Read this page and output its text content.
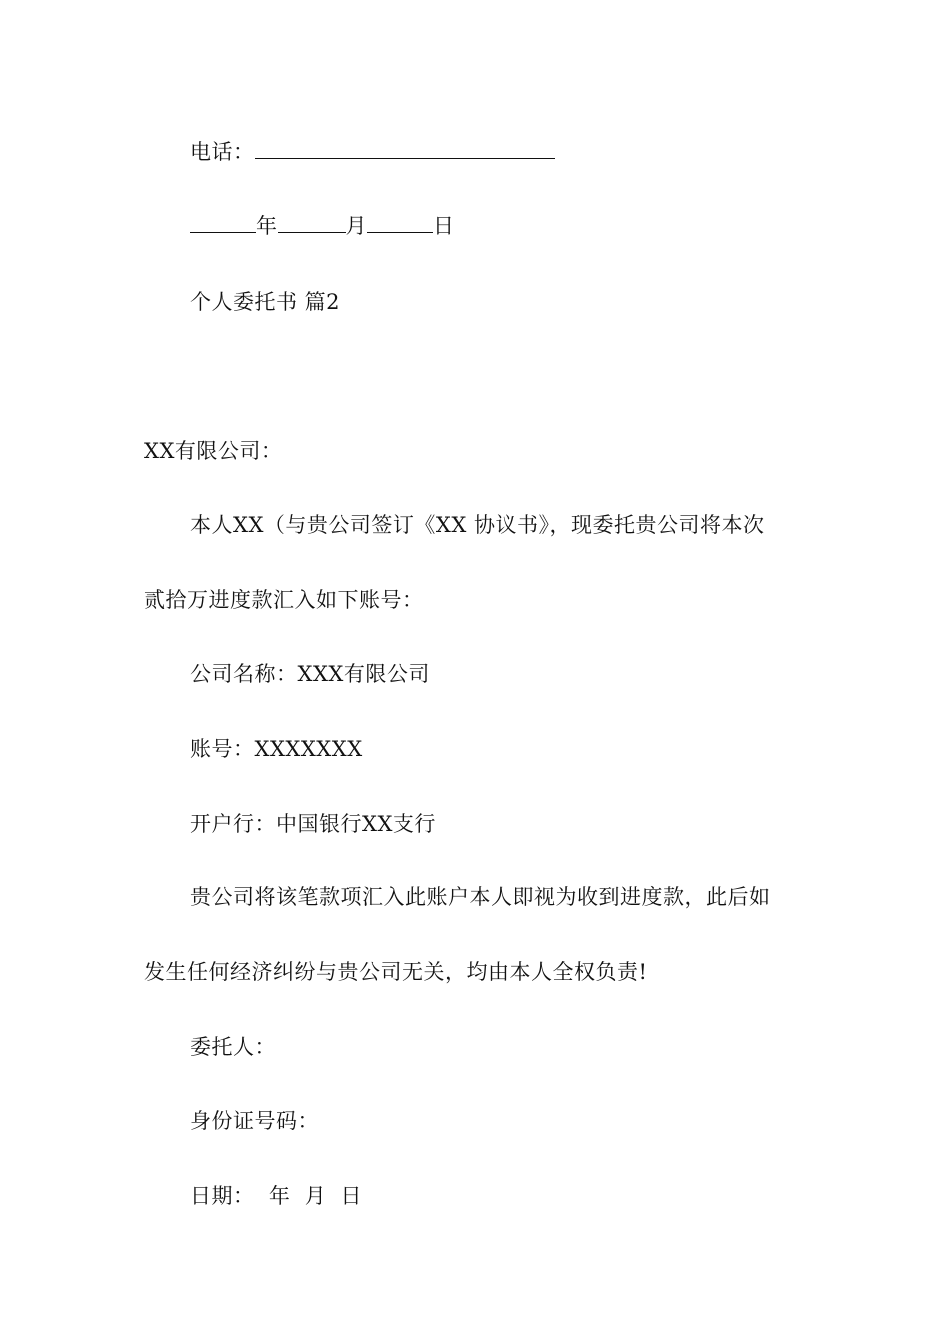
电话：
年	月	日
个人委托书 篇2
XX有限公司：
本人XX（与贵公司签订《XX 协议书》，现委托贵公司将本次
贰拾万进度款汇入如下账号：
公司名称：XXX有限公司
账号：XXXXXXX
开户行：中国银行XX支行
贵公司将该笔款项汇入此账户本人即视为收到进度款，此后如
发生任何经济纠纷与贵公司无关，均由本人全权负责!
委托人：
身份证号码：
日期：  年  月  日
